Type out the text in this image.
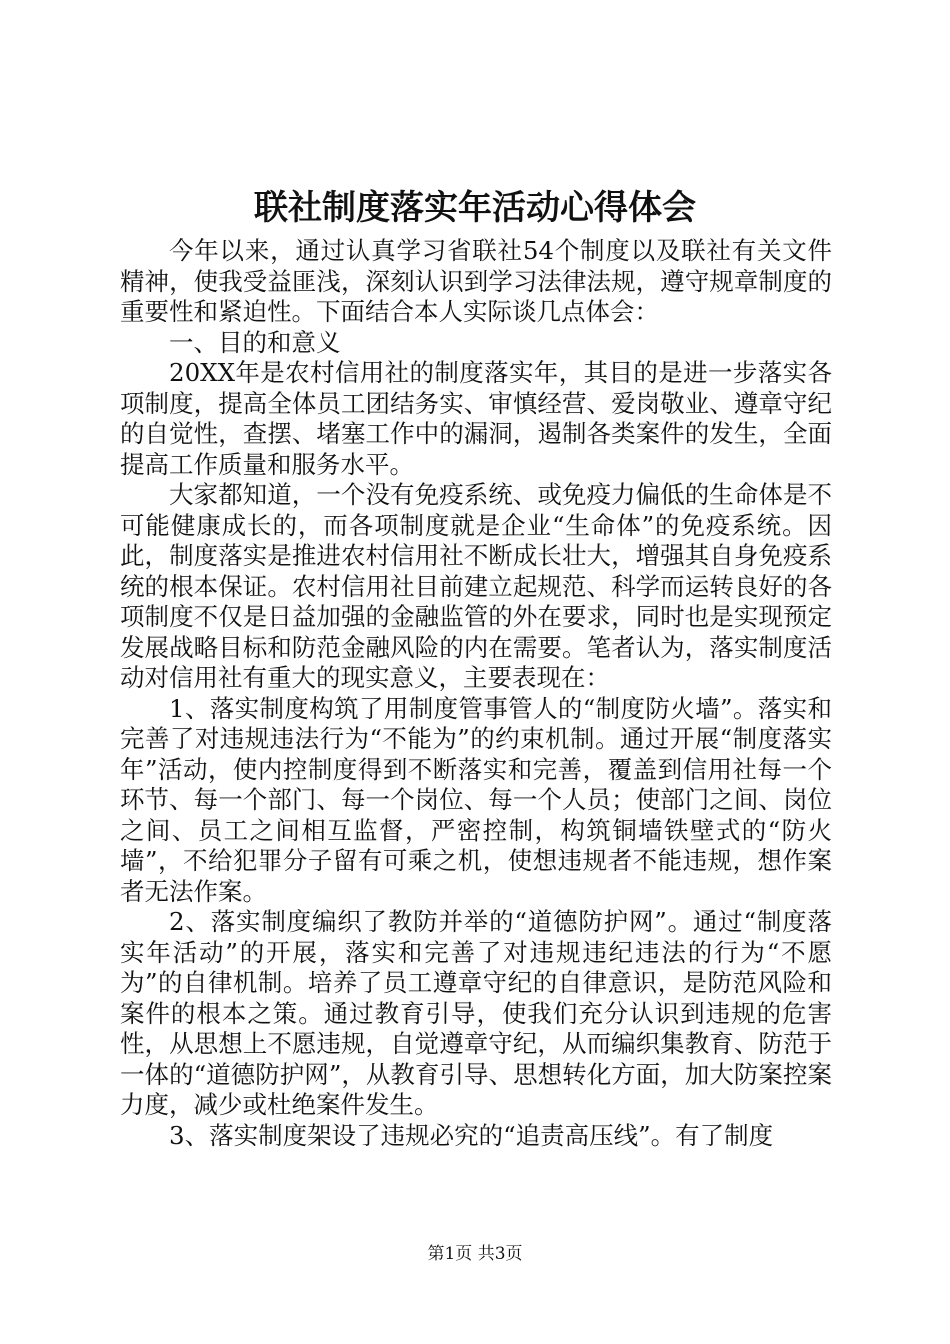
联社制度落实年活动心得体会

今年以来，通过认真学习省联社54个制度以及联社有关文件精神，使我受益匪浅，深刻认识到学习法律法规，遵守规章制度的重要性和紧迫性。下面结合本人实际谈几点体会：

一、目的和意义

20XX年是农村信用社的制度落实年，其目的是进一步落实各项制度，提高全体员工团结务实、审慎经营、爱岗敬业、遵章守纪的自觉性，查摆、堵塞工作中的漏洞，遏制各类案件的发生，全面提高工作质量和服务水平。

大家都知道，一个没有免疫系统、或免疫力偏低的生命体是不可能健康成长的，而各项制度就是企业“生命体”的免疫系统。因此，制度落实是推进农村信用社不断成长壮大，增强其自身免疫系统的根本保证。农村信用社目前建立起规范、科学而运转良好的各项制度不仅是日益加强的金融监管的外在要求，同时也是实现预定发展战略目标和防范金融风险的内在需要。笔者认为，落实制度活动对信用社有重大的现实意义，主要表现在：

1、落实制度构筑了用制度管事管人的“制度防火墙”。落实和完善了对违规违法行为“不能为”的约束机制。通过开展“制度落实年”活动，使内控制度得到不断落实和完善，覆盖到信用社每一个环节、每一个部门、每一个岗位、每一个人员；使部门之间、岗位之间、员工之间相互监督，严密控制，构筑铜墙铁壁式的“防火墙”，不给犯罪分子留有可乘之机，使想违规者不能违规，想作案者无法作案。

2、落实制度编织了教防并举的“道德防护网”。通过“制度落实年活动”的开展，落实和完善了对违规违纪违法的行为“不愿为”的自律机制。培养了员工遵章守纪的自律意识，是防范风险和案件的根本之策。通过教育引导，使我们充分认识到违规的危害性，从思想上不愿违规，自觉遵章守纪，从而编织集教育、防范于一体的“道德防护网”，从教育引导、思想转化方面，加大防案控案力度，减少或杜绝案件发生。

3、落实制度架设了违规必究的“追责高压线”。有了制度

第1页 共3页
